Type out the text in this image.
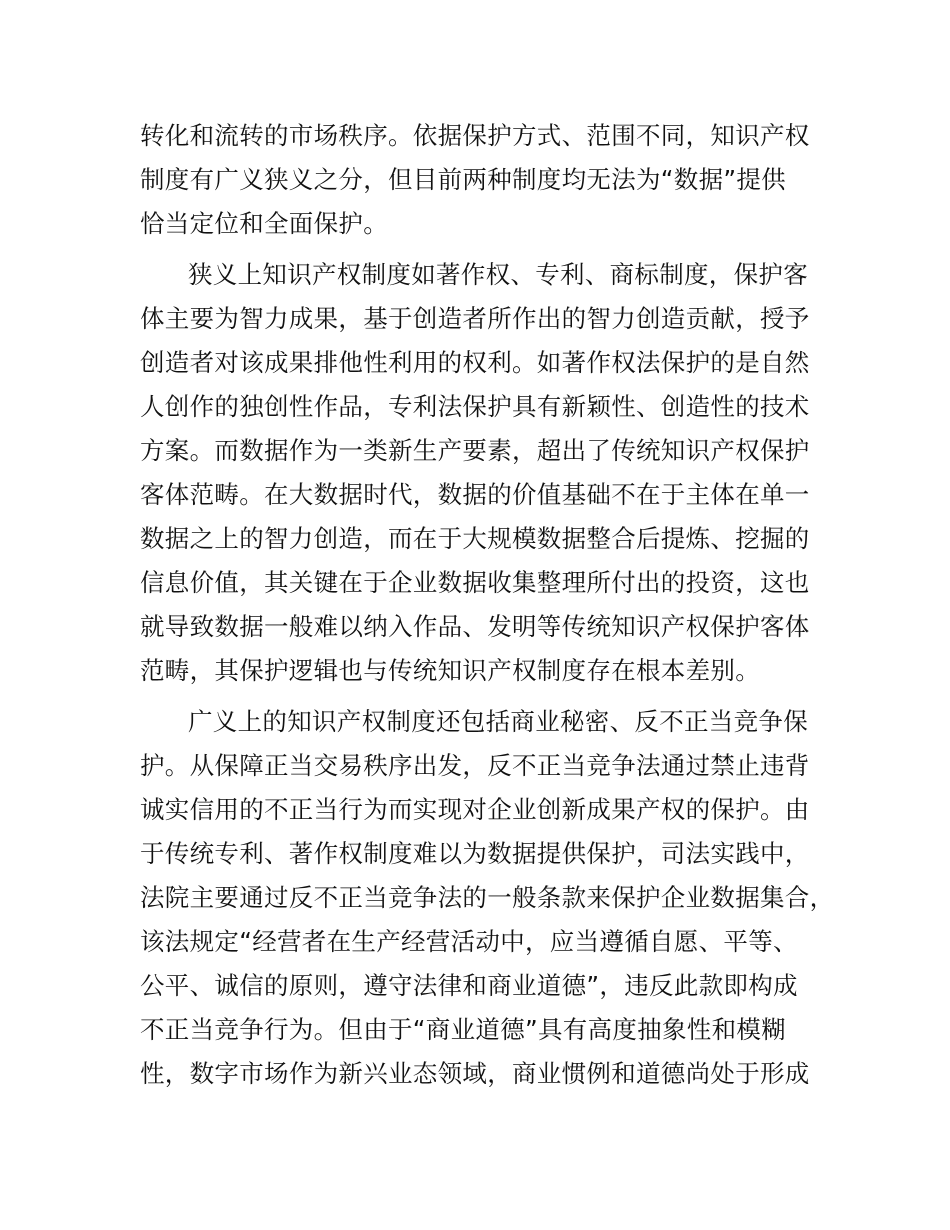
转化和流转的市场秩序。依据保护方式、范围不同，知识产权
制度有广义狭义之分，但目前两种制度均无法为“数据”提供
恰当定位和全面保护。
狭义上知识产权制度如著作权、专利、商标制度，保护客
体主要为智力成果，基于创造者所作出的智力创造贡献，授予
创造者对该成果排他性利用的权利。如著作权法保护的是自然
人创作的独创性作品，专利法保护具有新颖性、创造性的技术
方案。而数据作为一类新生产要素，超出了传统知识产权保护
客体范畴。在大数据时代，数据的价值基础不在于主体在单一
数据之上的智力创造，而在于大规模数据整合后提炼、挖掘的
信息价值，其关键在于企业数据收集整理所付出的投资，这也
就导致数据一般难以纳入作品、发明等传统知识产权保护客体
范畴，其保护逻辑也与传统知识产权制度存在根本差别。
广义上的知识产权制度还包括商业秘密、反不正当竞争保
护。从保障正当交易秩序出发，反不正当竞争法通过禁止违背
诚实信用的不正当行为而实现对企业创新成果产权的保护。由
于传统专利、著作权制度难以为数据提供保护，司法实践中，
法院主要通过反不正当竞争法的一般条款来保护企业数据集合，
该法规定“经营者在生产经营活动中，应当遵循自愿、平等、
公平、诚信的原则，遵守法律和商业道德”，违反此款即构成
不正当竞争行为。但由于“商业道德”具有高度抽象性和模糊
性，数字市场作为新兴业态领域，商业惯例和道德尚处于形成
